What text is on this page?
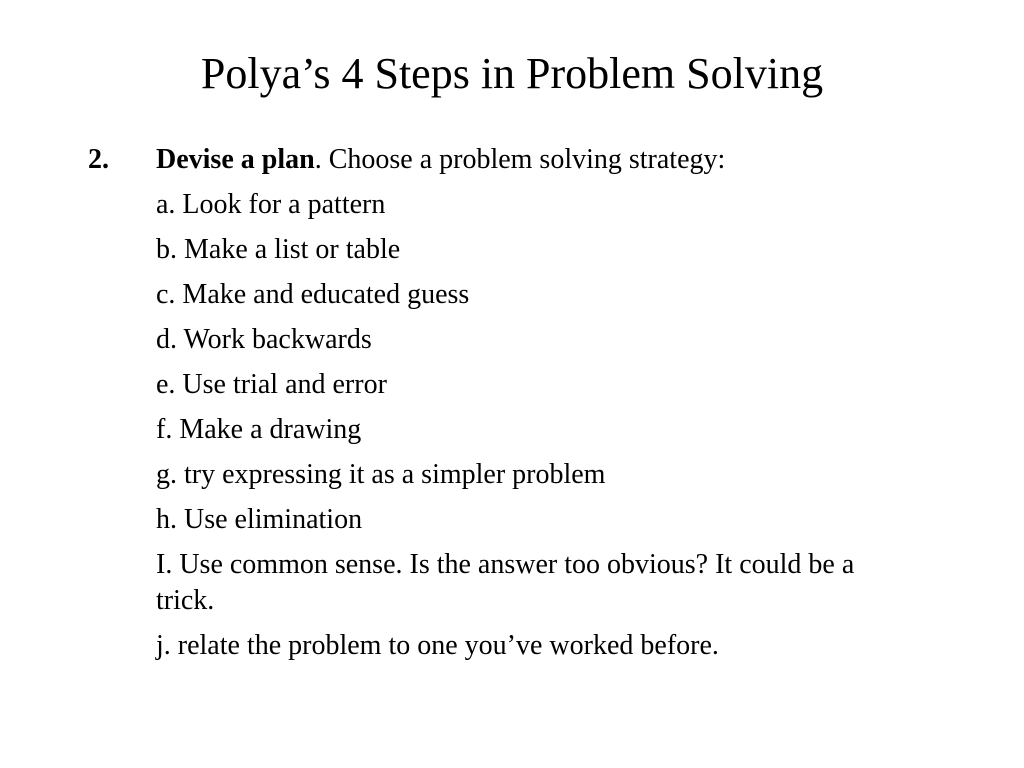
Polya’s 4 Steps in Problem Solving
2. Devise a plan. Choose a problem solving strategy:
a. Look for a pattern
b. Make a list or table
c. Make and educated guess
d. Work backwards
e. Use trial and error
f. Make a drawing
g. try expressing it as a simpler problem
h. Use elimination
I. Use common sense. Is the answer too obvious? It could be a trick.
j. relate the problem to one you’ve worked before.
